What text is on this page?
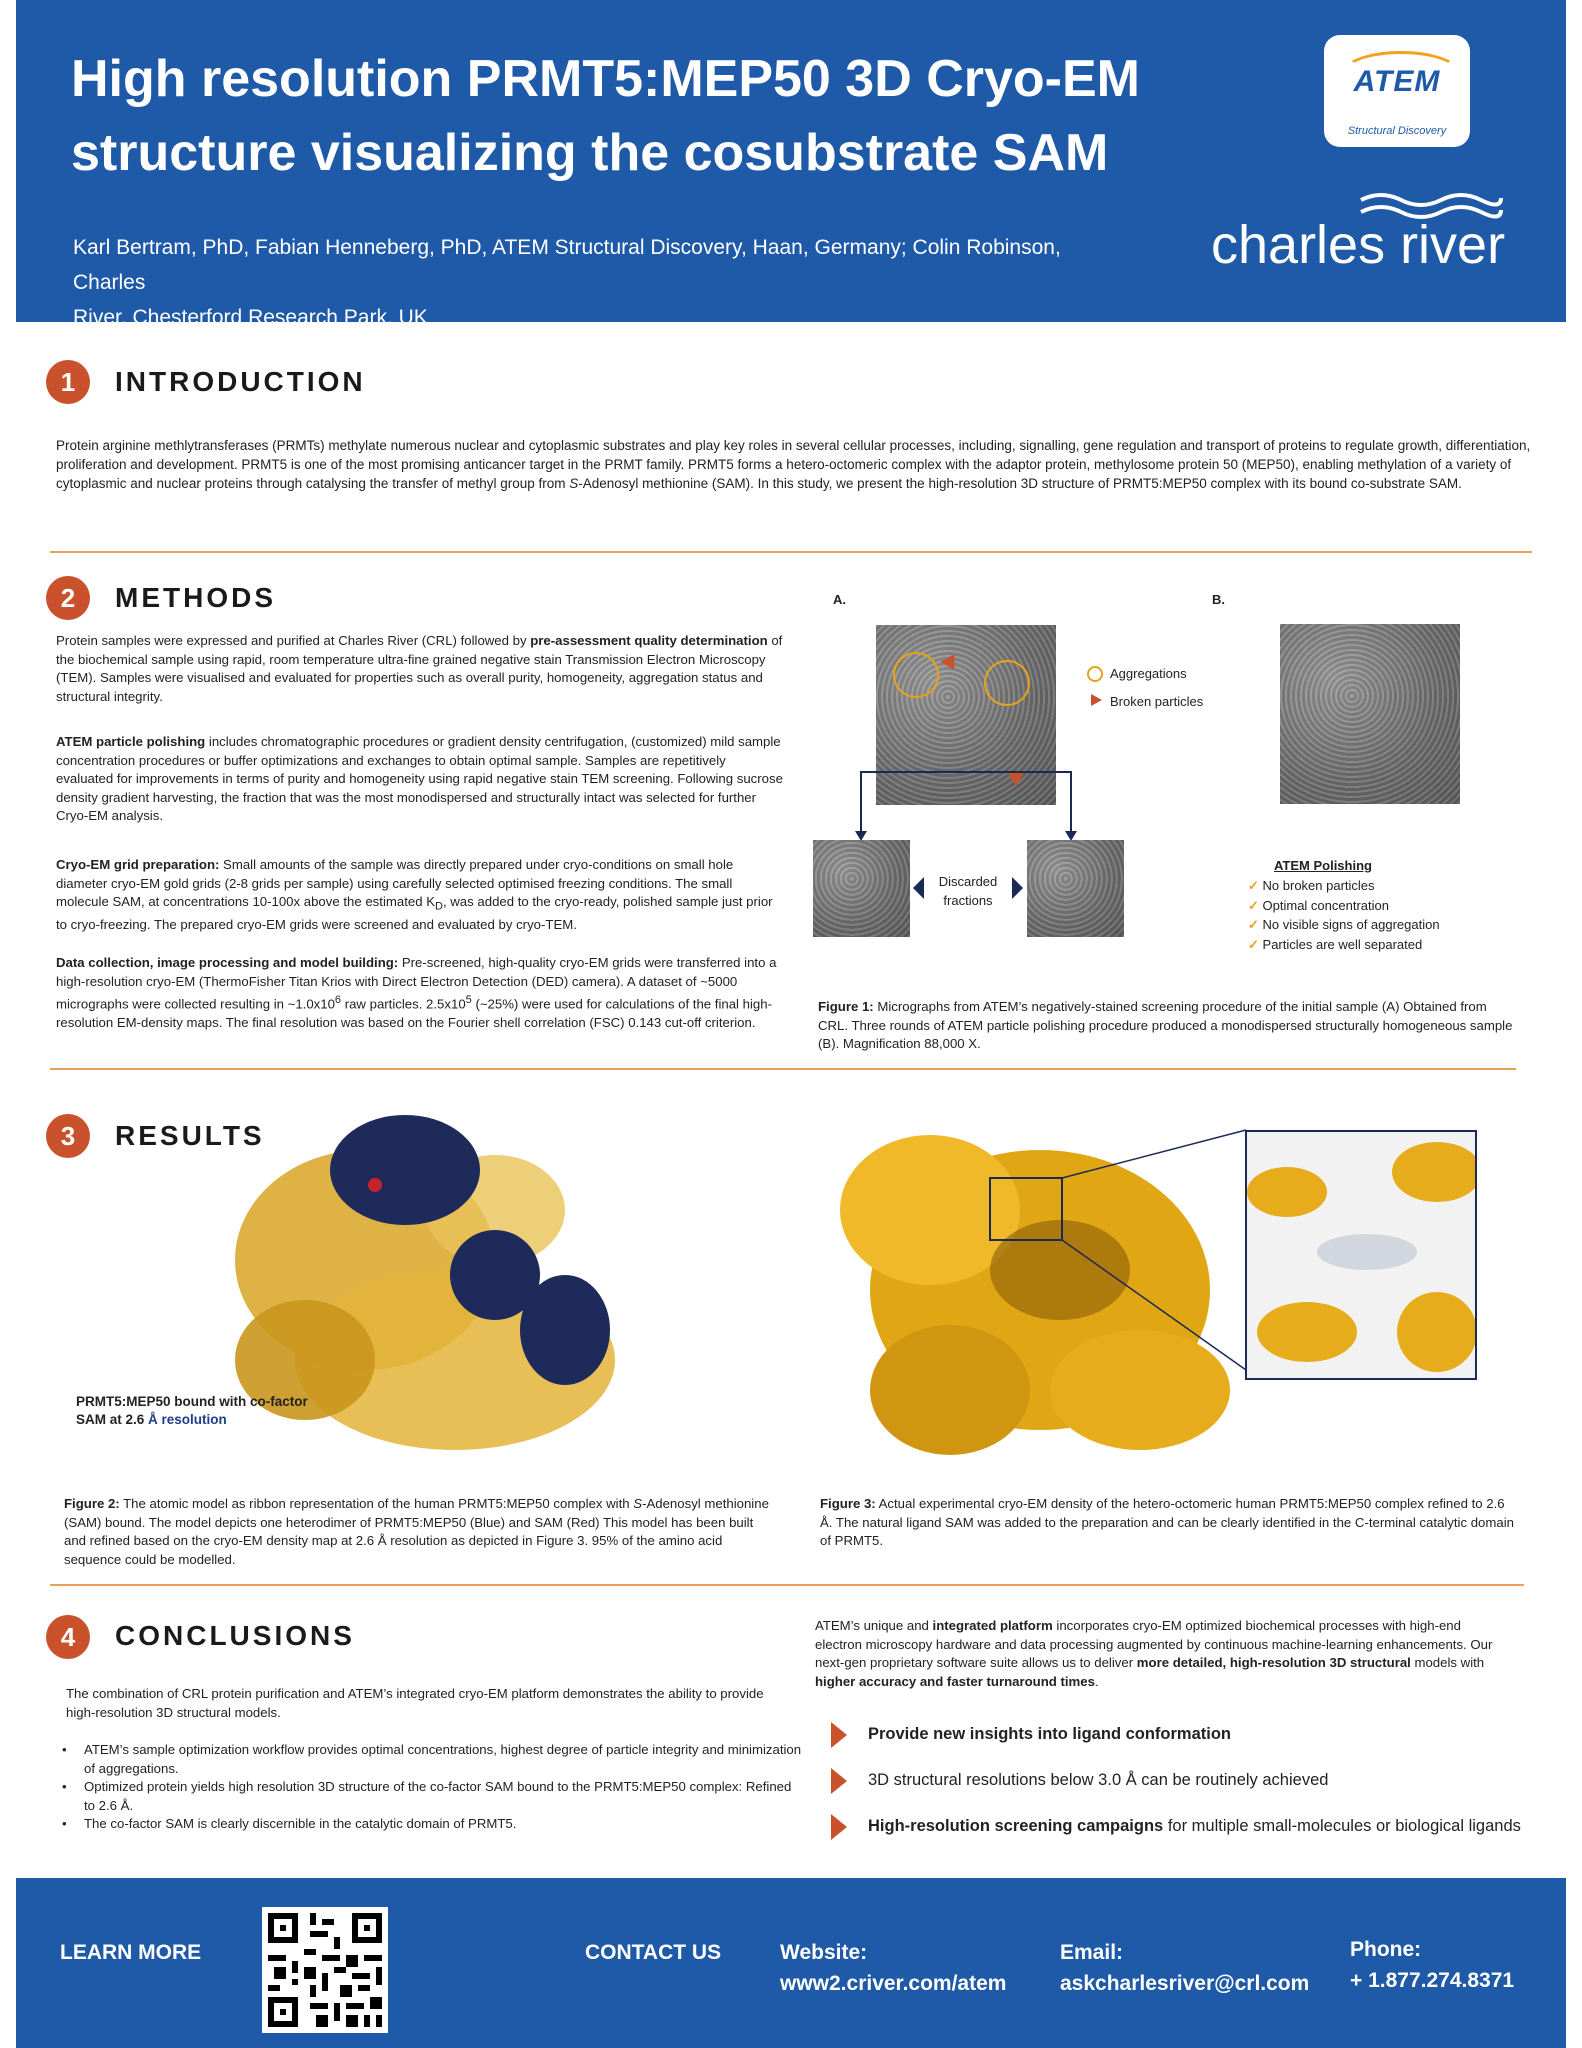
High resolution PRMT5:MEP50 3D Cryo-EM
structure visualizing the cosubstrate SAM
Karl Bertram, PhD, Fabian Henneberg, PhD, ATEM Structural Discovery, Haan, Germany; Colin Robinson, Charles
River, Chesterford Research Park, UK
ATEM
Structural Discovery
charles river
1	INTRODUCTION
Protein arginine methlytransferases (PRMTs) methylate numerous nuclear and cytoplasmic substrates and play key roles in several cellular processes, including, signalling, gene regulation and transport of proteins to regulate growth, differentiation, proliferation and development. PRMT5 is one of the most promising anticancer target in the PRMT family. PRMT5 forms a hetero-octomeric complex with the adaptor protein, methylosome protein 50 (MEP50), enabling methylation of a variety of cytoplasmic and nuclear proteins through catalysing the transfer of methyl group from S-Adenosyl methionine (SAM). In this study, we present the high-resolution 3D structure of PRMT5:MEP50 complex with its bound co-substrate SAM.
2	METHODS
Protein samples were expressed and purified at Charles River (CRL) followed by pre-assessment quality determination of the biochemical sample using rapid, room temperature ultra-fine grained negative stain Transmission Electron Microscopy (TEM). Samples were visualised and evaluated for properties such as overall purity, homogeneity, aggregation status and structural integrity.
ATEM particle polishing includes chromatographic procedures or gradient density centrifugation, (customized) mild sample concentration procedures or buffer optimizations and exchanges to obtain optimal sample. Samples are repetitively evaluated for improvements in terms of purity and homogeneity using rapid negative stain TEM screening. Following sucrose density gradient harvesting, the fraction that was the most monodispersed and structurally intact was selected for further Cryo-EM analysis.
Cryo-EM grid preparation: Small amounts of the sample was directly prepared under cryo-conditions on small hole diameter cryo-EM gold grids (2-8 grids per sample) using carefully selected optimised freezing conditions. The small molecule SAM, at concentrations 10-100x above the estimated $K_D$, was added to the cryo-ready, polished sample just prior to cryo-freezing. The prepared cryo-EM grids were screened and evaluated by cryo-TEM.
Data collection, image processing and model building: Pre-screened, high-quality cryo-EM grids were transferred into a high-resolution cryo-EM (ThermoFisher Titan Krios with Direct Electron Detection (DED) camera). A dataset of ~5000 micrographs were collected resulting in $\sim 1.0x10^6$ raw particles. $2.5x10^5$ (~25%) were used for calculations of the final high-resolution EM-density maps. The final resolution was based on the Fourier shell correlation (FSC) 0.143 cut-off criterion.
A.	B.
Aggregations
Broken particles
Discarded fractions
ATEM Polishing
✓ No broken particles
✓ Optimal concentration
✓ No visible signs of aggregation
✓ Particles are well separated
Figure 1: Micrographs from ATEM’s negatively-stained screening procedure of the initial sample (A) Obtained from CRL. Three rounds of ATEM particle polishing procedure produced a monodispersed structurally homogeneous sample (B). Magnification 88,000 X.
3	RESULTS
PRMT5:MEP50 bound with co-factor SAM at 2.6 Å resolution
Figure 2: The atomic model as ribbon representation of the human PRMT5:MEP50 complex with S-Adenosyl methionine (SAM) bound. The model depicts one heterodimer of PRMT5:MEP50 (Blue) and SAM (Red) This model has been built and refined based on the cryo-EM density map at 2.6 Å resolution as depicted in Figure 3. 95% of the amino acid sequence could be modelled.
Figure 3: Actual experimental cryo-EM density of the hetero-octomeric human PRMT5:MEP50 complex refined to 2.6 Å. The natural ligand SAM was added to the preparation and can be clearly identified in the C-terminal catalytic domain of PRMT5.
4	CONCLUSIONS
The combination of CRL protein purification and ATEM’s integrated cryo-EM platform demonstrates the ability to provide high-resolution 3D structural models.
•	ATEM’s sample optimization workflow provides optimal concentrations, highest degree of particle integrity and minimization of aggregations.
•	Optimized protein yields high resolution 3D structure of the co-factor SAM bound to the PRMT5:MEP50 complex: Refined to 2.6 Å.
•	The co-factor SAM is clearly discernible in the catalytic domain of PRMT5.
ATEM’s unique and integrated platform incorporates cryo-EM optimized biochemical processes with high-end electron microscopy hardware and data processing augmented by continuous machine-learning enhancements. Our next-gen proprietary software suite allows us to deliver more detailed, high-resolution 3D structural models with higher accuracy and faster turnaround times.
Provide new insights into ligand conformation
3D structural resolutions below 3.0 Å can be routinely achieved
High-resolution screening campaigns for multiple small-molecules or biological ligands
LEARN MORE	CONTACT US	Website:
www2.criver.com/atem
Email:
askcharlesriver@crl.com
Phone:
+ 1.877.274.8371
